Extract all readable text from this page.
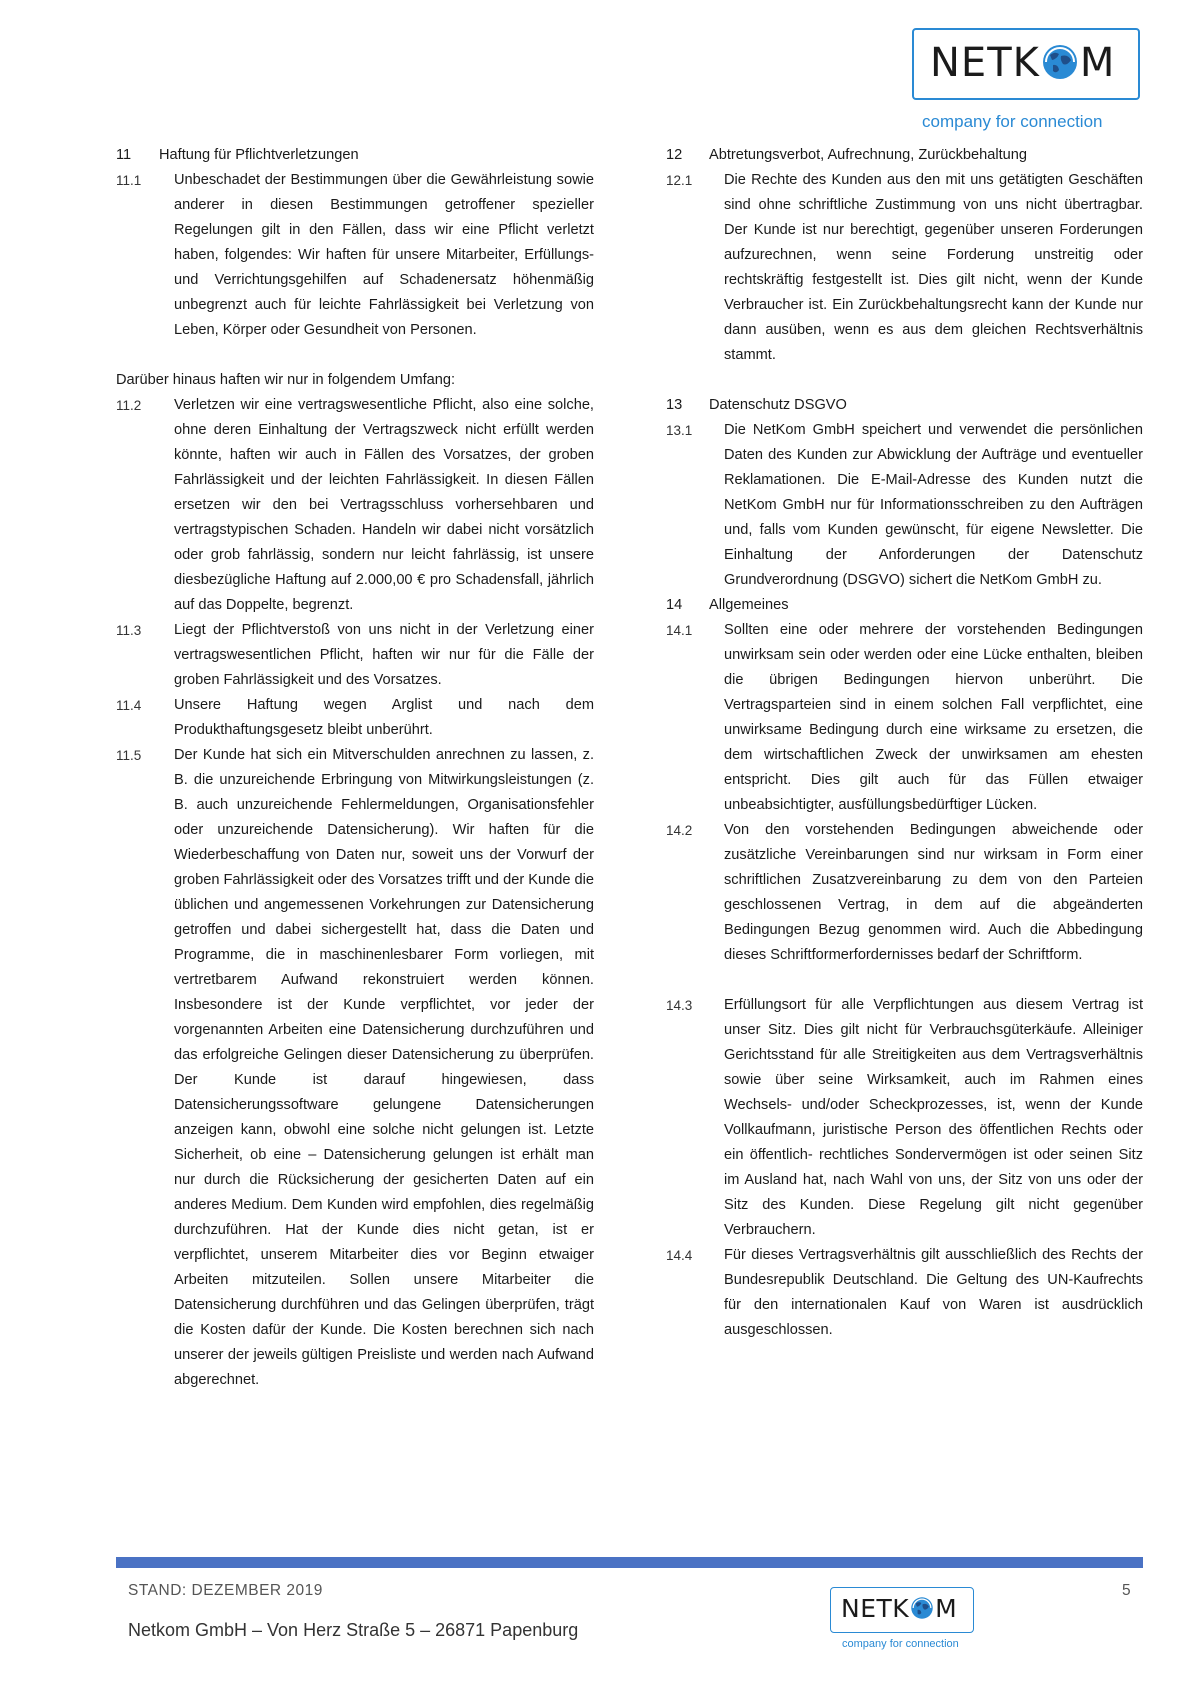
NETK M
company for connection
11	Haftung für Pflichtverletzungen
11.1	Unbeschadet der Bestimmungen über die Gewährleistung sowie anderer in diesen Bestimmungen getroffener spezieller Regelungen gilt in den Fällen, dass wir eine Pflicht verletzt haben, folgendes: Wir haften für unsere Mitarbeiter, Erfüllungs- und Verrichtungsgehilfen auf Schadenersatz höhenmäßig unbegrenzt auch für leichte Fahrlässigkeit bei Verletzung von Leben, Körper oder Gesundheit von Personen.
Darüber hinaus haften wir nur in folgendem Umfang:
11.2	Verletzen wir eine vertragswesentliche Pflicht, also eine solche, ohne deren Einhaltung der Vertragszweck nicht erfüllt werden könnte, haften wir auch in Fällen des Vorsatzes, der groben Fahrlässigkeit und der leichten Fahrlässigkeit. In diesen Fällen ersetzen wir den bei Vertragsschluss vorhersehbaren und vertragstypischen Schaden. Handeln wir dabei nicht vorsätzlich oder grob fahrlässig, sondern nur leicht fahrlässig, ist unsere diesbezügliche Haftung auf 2.000,00 € pro Schadensfall, jährlich auf das Doppelte, begrenzt.
11.3	Liegt der Pflichtverstoß von uns nicht in der Verletzung einer vertragswesentlichen Pflicht, haften wir nur für die Fälle der groben Fahrlässigkeit und des Vorsatzes.
11.4	Unsere Haftung wegen Arglist und nach dem Produkthaftungsgesetz bleibt unberührt.
11.5	Der Kunde hat sich ein Mitverschulden anrechnen zu lassen, z. B. die unzureichende Erbringung von Mitwirkungsleistungen (z. B. auch unzureichende Fehlermeldungen, Organisationsfehler oder unzureichende Datensicherung). Wir haften für die Wiederbeschaffung von Daten nur, soweit uns der Vorwurf der groben Fahrlässigkeit oder des Vorsatzes trifft und der Kunde die üblichen und angemessenen Vorkehrungen zur Datensicherung getroffen und dabei sichergestellt hat, dass die Daten und Programme, die in maschinenlesbarer Form vorliegen, mit vertretbarem Aufwand rekonstruiert werden können. Insbesondere ist der Kunde verpflichtet, vor jeder der vorgenannten Arbeiten eine Datensicherung durchzuführen und das erfolgreiche Gelingen dieser Datensicherung zu überprüfen. Der Kunde ist darauf hingewiesen, dass Datensicherungssoftware gelungene Datensicherungen anzeigen kann, obwohl eine solche nicht gelungen ist. Letzte Sicherheit, ob eine – Datensicherung gelungen ist erhält man nur durch die Rücksicherung der gesicherten Daten auf ein anderes Medium. Dem Kunden wird empfohlen, dies regelmäßig durchzuführen. Hat der Kunde dies nicht getan, ist er verpflichtet, unserem Mitarbeiter dies vor Beginn etwaiger Arbeiten mitzuteilen. Sollen unsere Mitarbeiter die Datensicherung durchführen und das Gelingen überprüfen, trägt die Kosten dafür der Kunde. Die Kosten berechnen sich nach unserer der jeweils gültigen Preisliste und werden nach Aufwand abgerechnet.
12	Abtretungsverbot, Aufrechnung, Zurückbehaltung
12.1	Die Rechte des Kunden aus den mit uns getätigten Geschäften sind ohne schriftliche Zustimmung von uns nicht übertragbar. Der Kunde ist nur berechtigt, gegenüber unseren Forderungen aufzurechnen, wenn seine Forderung unstreitig oder rechtskräftig festgestellt ist. Dies gilt nicht, wenn der Kunde Verbraucher ist. Ein Zurückbehaltungsrecht kann der Kunde nur dann ausüben, wenn es aus dem gleichen Rechtsverhältnis stammt.
13	Datenschutz DSGVO
13.1	Die NetKom GmbH speichert und verwendet die persönlichen Daten des Kunden zur Abwicklung der Aufträge und eventueller Reklamationen. Die E-Mail-Adresse des Kunden nutzt die NetKom GmbH nur für Informationsschreiben zu den Aufträgen und, falls vom Kunden gewünscht, für eigene Newsletter. Die Einhaltung der Anforderungen der Datenschutz Grundverordnung (DSGVO) sichert die NetKom GmbH zu.
14	Allgemeines
14.1	Sollten eine oder mehrere der vorstehenden Bedingungen unwirksam sein oder werden oder eine Lücke enthalten, bleiben die übrigen Bedingungen hiervon unberührt. Die Vertragsparteien sind in einem solchen Fall verpflichtet, eine unwirksame Bedingung durch eine wirksame zu ersetzen, die dem wirtschaftlichen Zweck der unwirksamen am ehesten entspricht. Dies gilt auch für das Füllen etwaiger unbeabsichtigter, ausfüllungsbedürftiger Lücken.
14.2	Von den vorstehenden Bedingungen abweichende oder zusätzliche Vereinbarungen sind nur wirksam in Form einer schriftlichen Zusatzvereinbarung zu dem von den Parteien geschlossenen Vertrag, in dem auf die abgeänderten Bedingungen Bezug genommen wird. Auch die Abbedingung dieses Schriftformerfordernisses bedarf der Schriftform.
14.3	Erfüllungsort für alle Verpflichtungen aus diesem Vertrag ist unser Sitz. Dies gilt nicht für Verbrauchsgüterkäufe. Alleiniger Gerichtsstand für alle Streitigkeiten aus dem Vertragsverhältnis sowie über seine Wirksamkeit, auch im Rahmen eines Wechsels- und/oder Scheckprozesses, ist, wenn der Kunde Vollkaufmann, juristische Person des öffentlichen Rechts oder ein öffentlich- rechtliches Sondervermögen ist oder seinen Sitz im Ausland hat, nach Wahl von uns, der Sitz von uns oder der Sitz des Kunden. Diese Regelung gilt nicht gegenüber Verbrauchern.
14.4	Für dieses Vertragsverhältnis gilt ausschließlich des Rechts der Bundesrepublik Deutschland. Die Geltung des UN-Kaufrechts für den internationalen Kauf von Waren ist ausdrücklich ausgeschlossen.
STAND: DEZEMBER 2019	5
Netkom GmbH – Von Herz Straße 5 – 26871 Papenburg
NETK M
company for connection
